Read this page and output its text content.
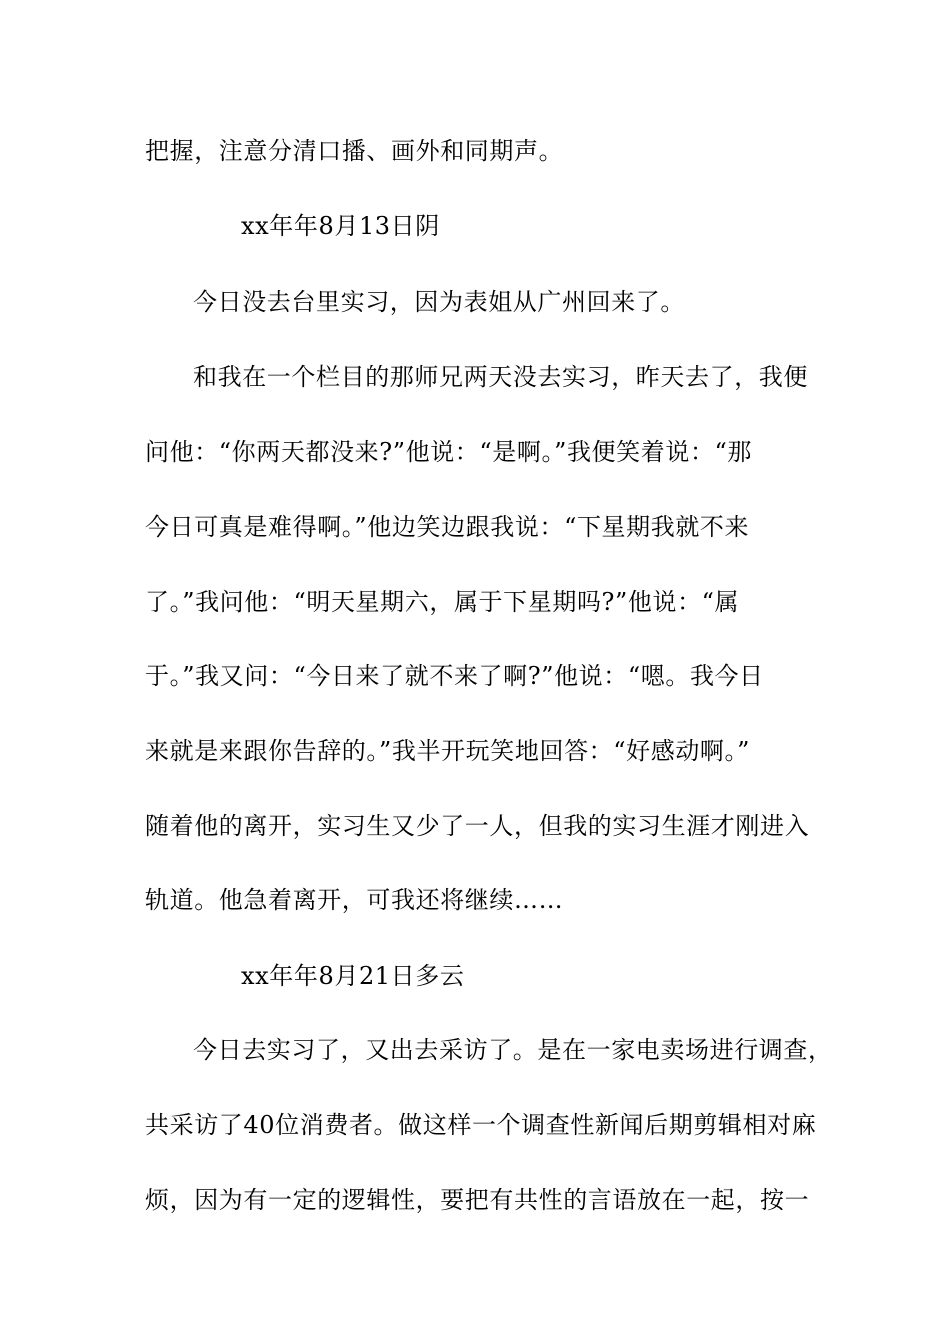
把握，注意分清口播、画外和同期声。
xx年年8月13日阴
今日没去台里实习，因为表姐从广州回来了。
和我在一个栏目的那师兄两天没去实习，昨天去了，我便
问他：“你两天都没来?”他说：“是啊。”我便笑着说：“那
今日可真是难得啊。”他边笑边跟我说：“下星期我就不来
了。”我问他：“明天星期六，属于下星期吗?”他说：“属
于。”我又问：“今日来了就不来了啊?”他说：“嗯。我今日
来就是来跟你告辞的。”我半开玩笑地回答：“好感动啊。”
随着他的离开，实习生又少了一人，但我的实习生涯才刚进入
轨道。他急着离开，可我还将继续……
xx年年8月21日多云
今日去实习了，又出去采访了。是在一家电卖场进行调查，
共采访了40位消费者。做这样一个调查性新闻后期剪辑相对麻
烦，因为有一定的逻辑性，要把有共性的言语放在一起，按一
